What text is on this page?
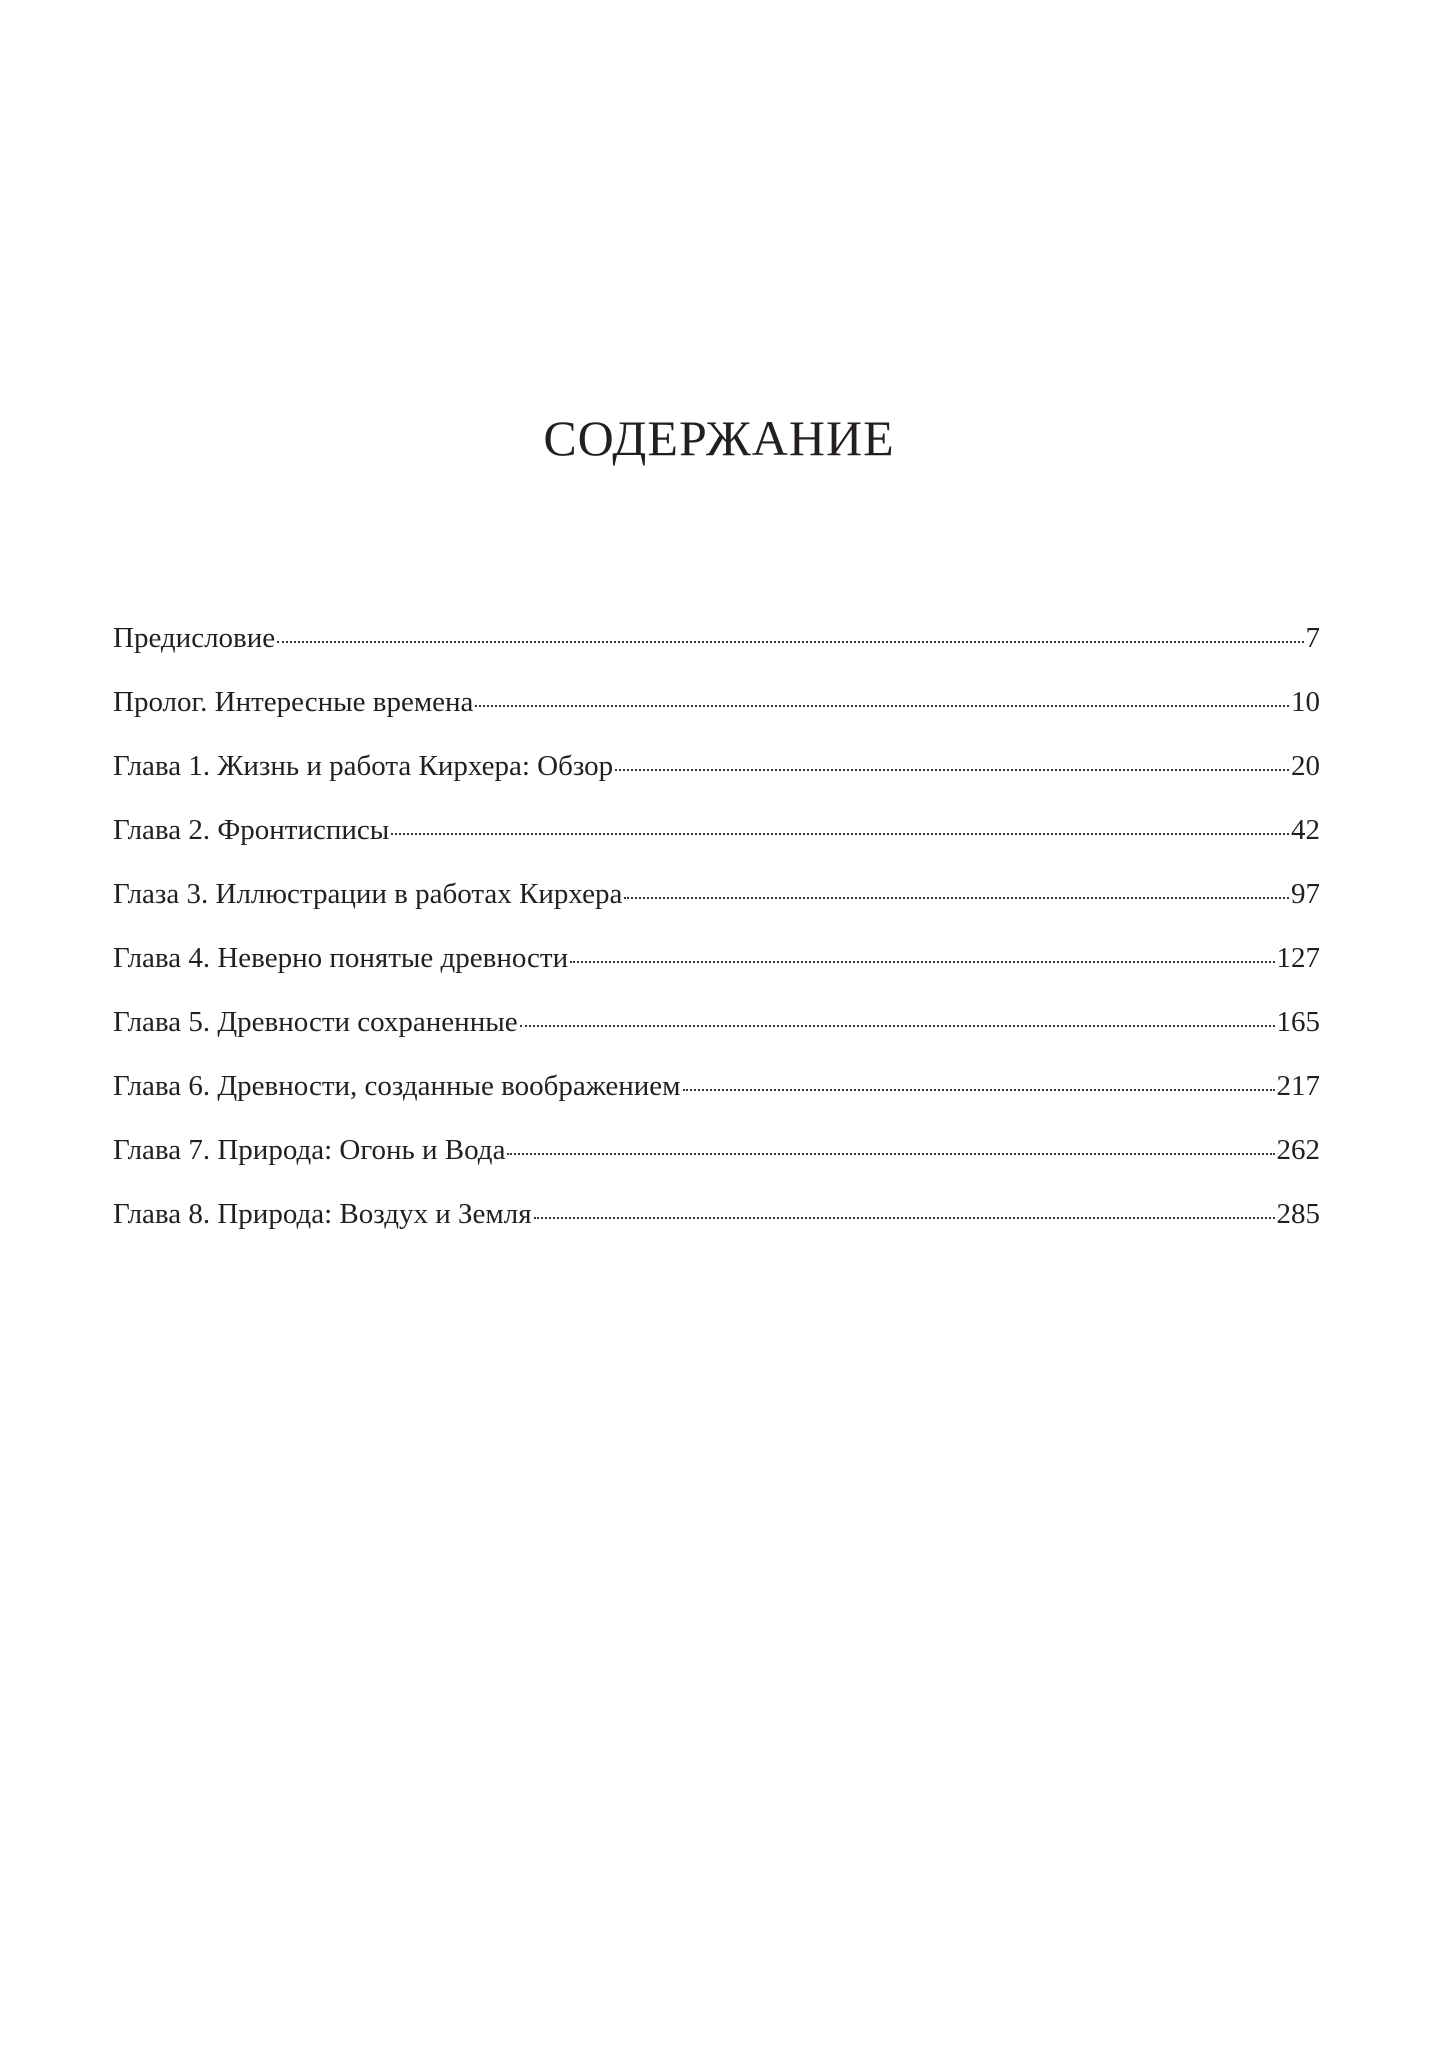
СОДЕРЖАНИЕ
Предисловие	7
Пролог. Интересные времена	10
Глава 1. Жизнь и работа Кирхера: Обзор	20
Глава 2. Фронтисписы	42
Глаза 3. Иллюстрации в работах Кирхера	97
Глава 4. Неверно понятые древности	127
Глава 5. Древности сохраненные	165
Глава 6. Древности, созданные воображением	217
Глава 7. Природа: Огонь и Вода	262
Глава 8. Природа: Воздух и Земля	285
